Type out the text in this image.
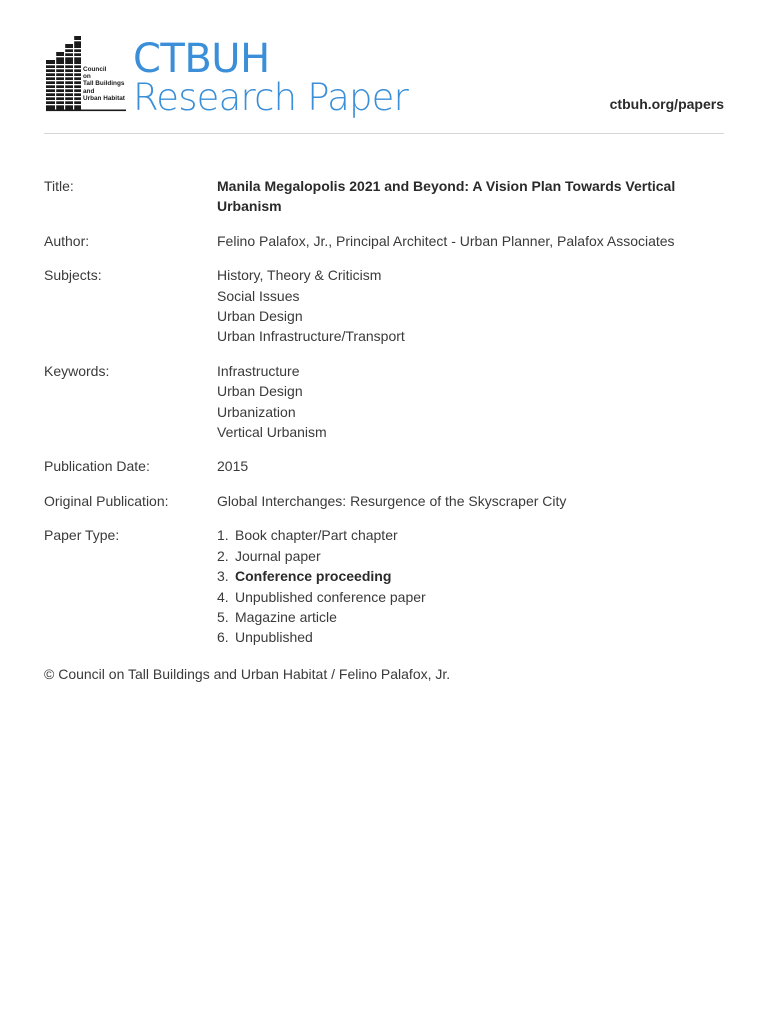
Council
on
Tall Buildings
and
Urban Habitat
CTBUH
Research Paper	ctbuh.org/papers
Title:	Manila Megalopolis 2021 and Beyond: A Vision Plan Towards Vertical Urbanism
Author:	Felino Palafox, Jr., Principal Architect - Urban Planner, Palafox Associates
Subjects:	History, Theory & Criticism
Social Issues
Urban Design
Urban Infrastructure/Transport
Keywords:	Infrastructure
Urban Design
Urbanization
Vertical Urbanism
Publication Date:	2015
Original Publication:	Global Interchanges: Resurgence of the Skyscraper City
Paper Type:	1. Book chapter/Part chapter
2. Journal paper
3. Conference proceeding
4. Unpublished conference paper
5. Magazine article
6. Unpublished
© Council on Tall Buildings and Urban Habitat / Felino Palafox, Jr.
